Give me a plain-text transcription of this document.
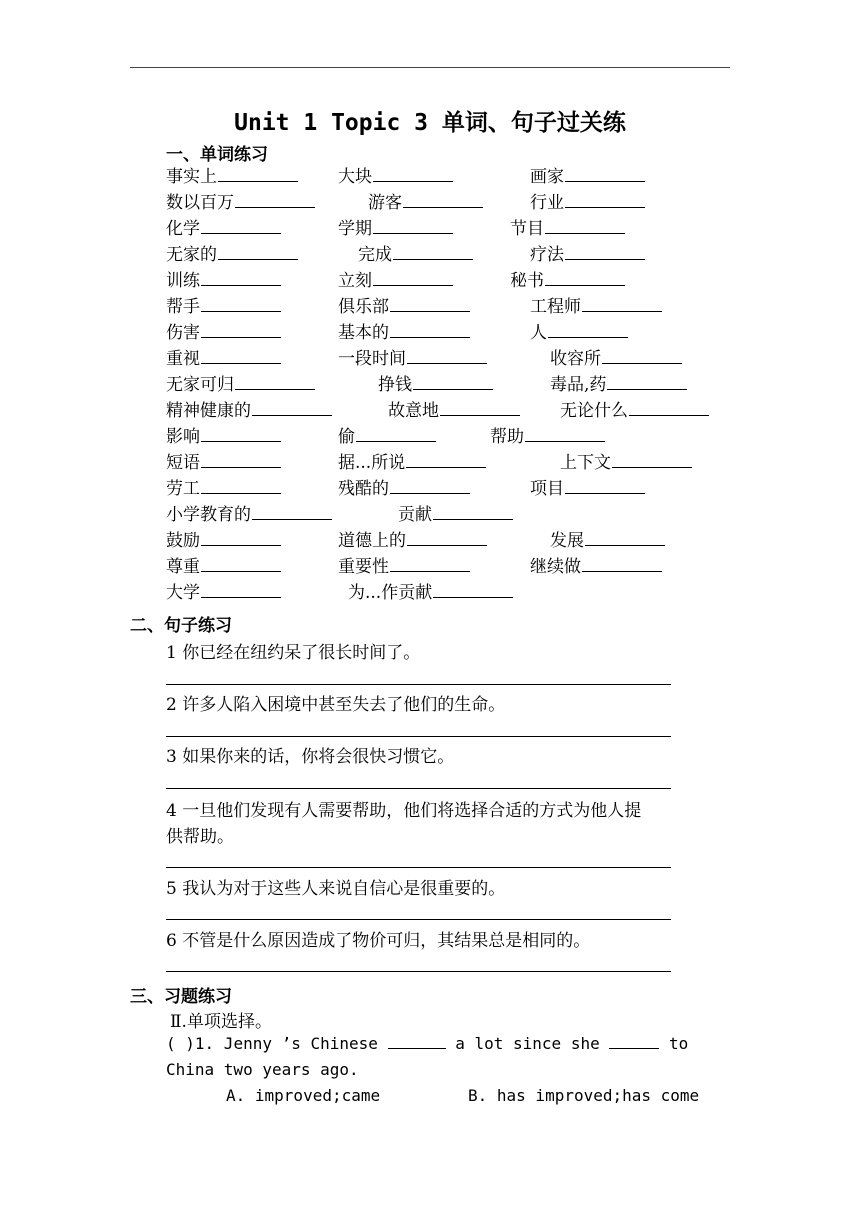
Unit 1 Topic 3 单词、句子过关练
一、单词练习
事实上	大块	画家
数以百万	游客	行业
化学	学期	节目
无家的	完成	疗法
训练	立刻	秘书
帮手	俱乐部	工程师
伤害	基本的	人
重视	一段时间	收容所
无家可归	挣钱	毒品,药
精神健康的	故意地	无论什么
影响	偷	帮助
短语	据...所说	上下文
劳工	残酷的	项目
小学教育的	贡献
鼓励	道德上的	发展
尊重	重要性	继续做
大学	为...作贡献
二、句子练习
1 你已经在纽约呆了很长时间了。
2 许多人陷入困境中甚至失去了他们的生命。
3 如果你来的话，你将会很快习惯它。
4 一旦他们发现有人需要帮助，他们将选择合适的方式为他人提
供帮助。
5 我认为对于这些人来说自信心是很重要的。
6 不管是什么原因造成了物价可归，其结果总是相同的。
三、习题练习
Ⅱ.单项选择。
( )1. Jenny ’s Chinese	a lot since she	to
China two years ago.
A. improved;came	B. has improved;has come
